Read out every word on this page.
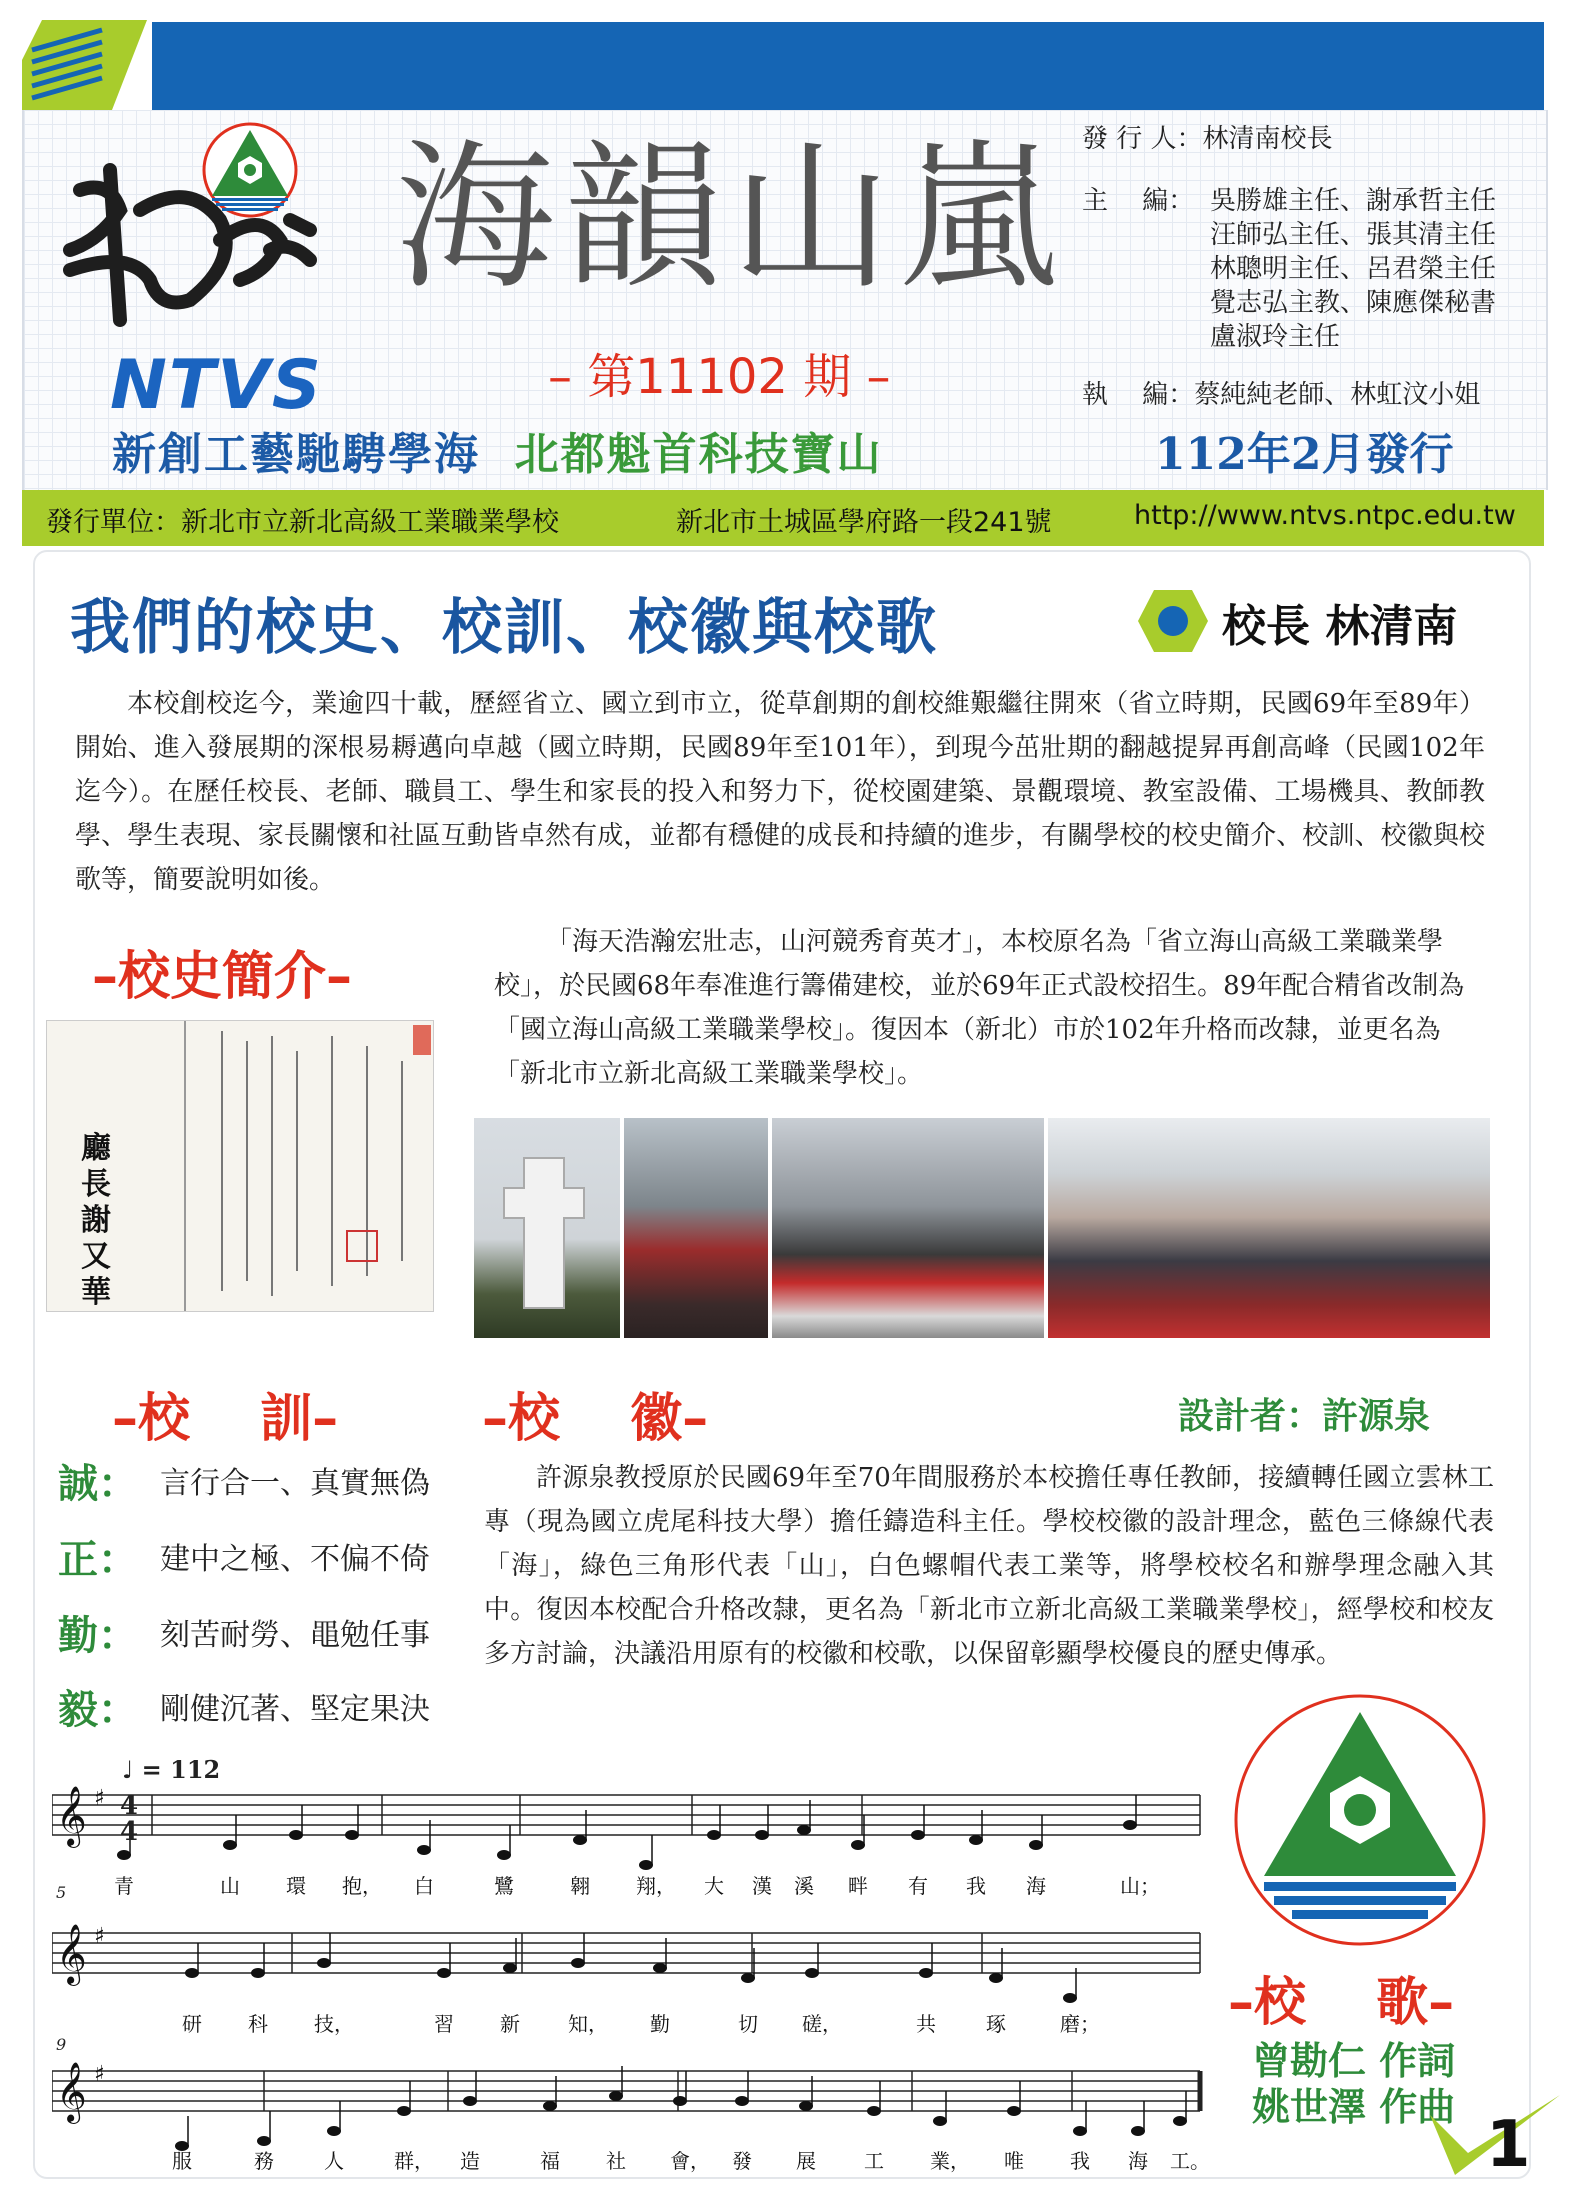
NTVS
海韻山嵐
– 第11102 期 –
新創工藝馳騁學海 北都魁首科技寶山	112年2月發行
發 行 人：林清南校長
主　 編： 吳勝雄主任、謝承哲主任
汪師弘主任、張其清主任
林聰明主任、呂君榮主任
覺志弘主教、陳應傑秘書
盧淑玲主任
執　 編：蔡純純老師、林虹汶小姐
發行單位：新北市立新北高級工業職業學校	新北市土城區學府路一段241號	http://www.ntvs.ntpc.edu.tw
我們的校史、校訓、校徽與校歌	校長 林清南
本校創校迄今，業逾四十載，歷經省立、國立到市立，從草創期的創校維艱繼往開來（省立時期，民國69年至89年）開始、進入發展期的深根易耨邁向卓越（國立時期，民國89年至101年），到現今茁壯期的翻越提昇再創高峰（民國102年迄今）。在歷任校長、老師、職員工、學生和家長的投入和努力下，從校園建築、景觀環境、教室設備、工場機具、教師教學、學生表現、家長關懷和社區互動皆卓然有成，並都有穩健的成長和持續的進步，有關學校的校史簡介、校訓、校徽與校歌等，簡要說明如後。
–校史簡介–
「海天浩瀚宏壯志，山河競秀育英才」，本校原名為「省立海山高級工業職業學校」，於民國68年奉准進行籌備建校，並於69年正式設校招生。89年配合精省改制為「國立海山高級工業職業學校」。復因本（新北）市於102年升格而改隸，並更名為「新北市立新北高級工業職業學校」。
廳長 謝又華
–校　 訓–	–校　 徽–	設計者：許源泉
誠： 言行合一、真實無偽
正： 建中之極、不偏不倚
勤： 刻苦耐勞、黽勉任事
毅： 剛健沉著、堅定果決
許源泉教授原於民國69年至70年間服務於本校擔任專任教師，接續轉任國立雲林工專（現為國立虎尾科技大學）擔任鑄造科主任。學校校徽的設計理念，藍色三條線代表「海」，綠色三角形代表「山」，白色螺帽代表工業等，將學校校名和辦學理念融入其中。復因本校配合升格改隸，更名為「新北市立新北高級工業職業學校」，經學校和校友多方討論，決議沿用原有的校徽和校歌，以保留彰顯學校優良的歷史傳承。
–校　 歌–
曾勘仁 作詞
姚世澤 作曲
𝄞 ♯
𝄞 ♯
𝄞 ♯
♩ = 112
4
4
5
9
青	山 環 抱， 白	鷺	翱 翔， 大 漢 溪 畔 有 我 海	山；
研 科 技，	習 新 知， 勤	切 磋，	共	琢	磨；
服	務	人	群， 造	福 社 會， 發 展 工 業， 唯 我 海 工。	1
